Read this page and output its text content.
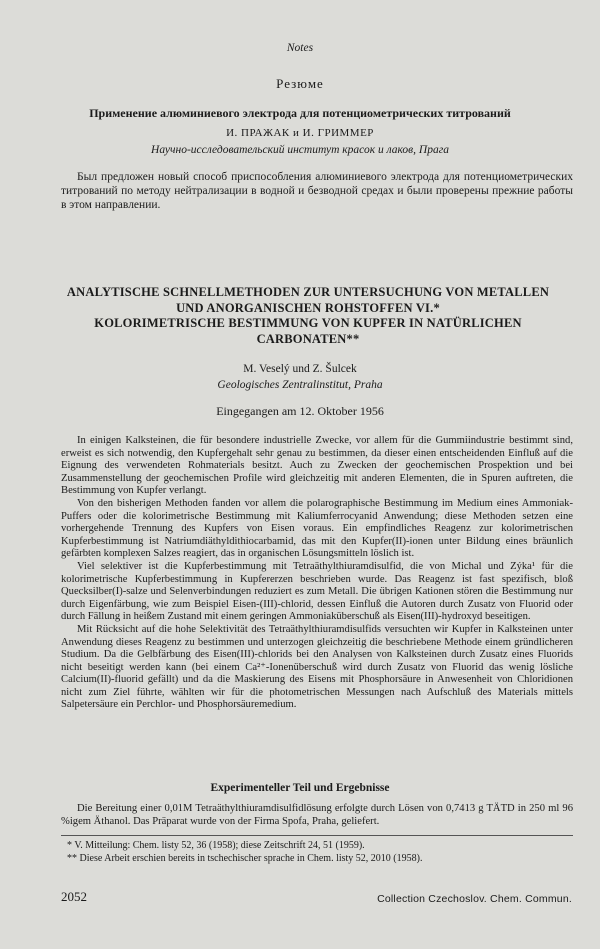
Notes
Резюме
Применение алюминиевого электрода для потенциометрических титрований
И. ПРАЖАК и И. ГРИММЕР
Научно-исследовательский институт красок и лаков, Прага
Был предложен новый способ приспособления алюминиевого электрода для потенциометрических титрований по методу нейтрализации в водной и безводной средах и были проверены прежние работы в этом направлении.
ANALYTISCHE SCHNELLMETHODEN ZUR UNTERSUCHUNG VON METALLEN
UND ANORGANISCHEN ROHSTOFFEN VI.*
KOLORIMETRISCHE BESTIMMUNG VON KUPFER IN NATÜRLICHEN
CARBONATEN**
M. Veselý und Z. Šulcek
Geologisches Zentralinstitut, Praha
Eingegangen am 12. Oktober 1956

In einigen Kalksteinen, die für besondere industrielle Zwecke, vor allem für die Gummiindustrie bestimmt sind, erweist es sich notwendig, den Kupfergehalt sehr genau zu bestimmen, da dieser einen entscheidenden Einfluß auf die Eignung des verwendeten Rohmaterials besitzt. Auch zu Zwecken der geochemischen Prospektion und bei Zusammenstellung der geochemischen Profile wird gleichzeitig mit anderen Elementen, die in Spuren auftreten, die Bestimmung von Kupfer verlangt.

Von den bisherigen Methoden fanden vor allem die polarographische Bestimmung im Medium eines Ammoniak-Puffers oder die kolorimetrische Bestimmung mit Kaliumferrocyanid Anwendung; diese Methoden setzen eine vorhergehende Trennung des Kupfers von Eisen voraus. Ein empfindliches Reagenz zur kolorimetrischen Kupferbestimmung ist Natriumdiäthyldithiocarbamid, das mit den Kupfer(II)-ionen unter Bildung eines bräunlich gefärbten komplexen Salzes reagiert, das in organischen Lösungsmitteln löslich ist.

Viel selektiver ist die Kupferbestimmung mit Tetraäthylthiuramdisulfid, die von Michal und Zýka¹ für die kolorimetrische Kupferbestimmung in Kupfererzen beschrieben wurde. Das Reagenz ist fast spezifisch, bloß Quecksilber(I)-salze und Selenverbindungen reduziert es zum Metall. Die übrigen Kationen stören die Bestimmung nur durch Eigenfärbung, wie zum Beispiel Eisen-(III)-chlorid, dessen Einfluß die Autoren durch Zusatz von Fluorid oder durch Fällung in heißem Zustand mit einem geringen Ammoniaküberschuß als Eisen(III)-hydroxyd beseitigen.

Mit Rücksicht auf die hohe Selektivität des Tetraäthylthiuramdisulfids versuchten wir Kupfer in Kalksteinen unter Anwendung dieses Reagenz zu bestimmen und unterzogen gleichzeitig die beschriebene Methode einem gründlicheren Studium. Da die Gelbfärbung des Eisen(III)-chlorids bei den Analysen von Kalksteinen durch Zusatz eines Fluorids nicht beseitigt werden kann (bei einem Ca²⁺-Ionenüberschuß wird durch Zusatz von Fluorid das wenig lösliche Calcium(II)-fluorid gefällt) und da die Maskierung des Eisens mit Phosphorsäure in Anwesenheit von Chloridionen nicht zum Ziel führte, wählten wir für die photometrischen Messungen nach Aufschluß des Materials mittels Salpetersäure ein Perchlor- und Phosphorsäuremedium.

Experimenteller Teil und Ergebnisse
Die Bereitung einer 0,01M Tetraäthylthiuramdisulfidlösung erfolgte durch Lösen von 0,7413 g TÄTD in 250 ml 96 %igem Äthanol. Das Präparat wurde von der Firma Spofa, Praha, geliefert.
* V. Mitteilung: Chem. listy 52, 36 (1958); diese Zeitschrift 24, 51 (1959).
** Diese Arbeit erschien bereits in tschechischer sprache in Chem. listy 52, 2010 (1958).
2052	Collection Czechoslov. Chem. Commun.
